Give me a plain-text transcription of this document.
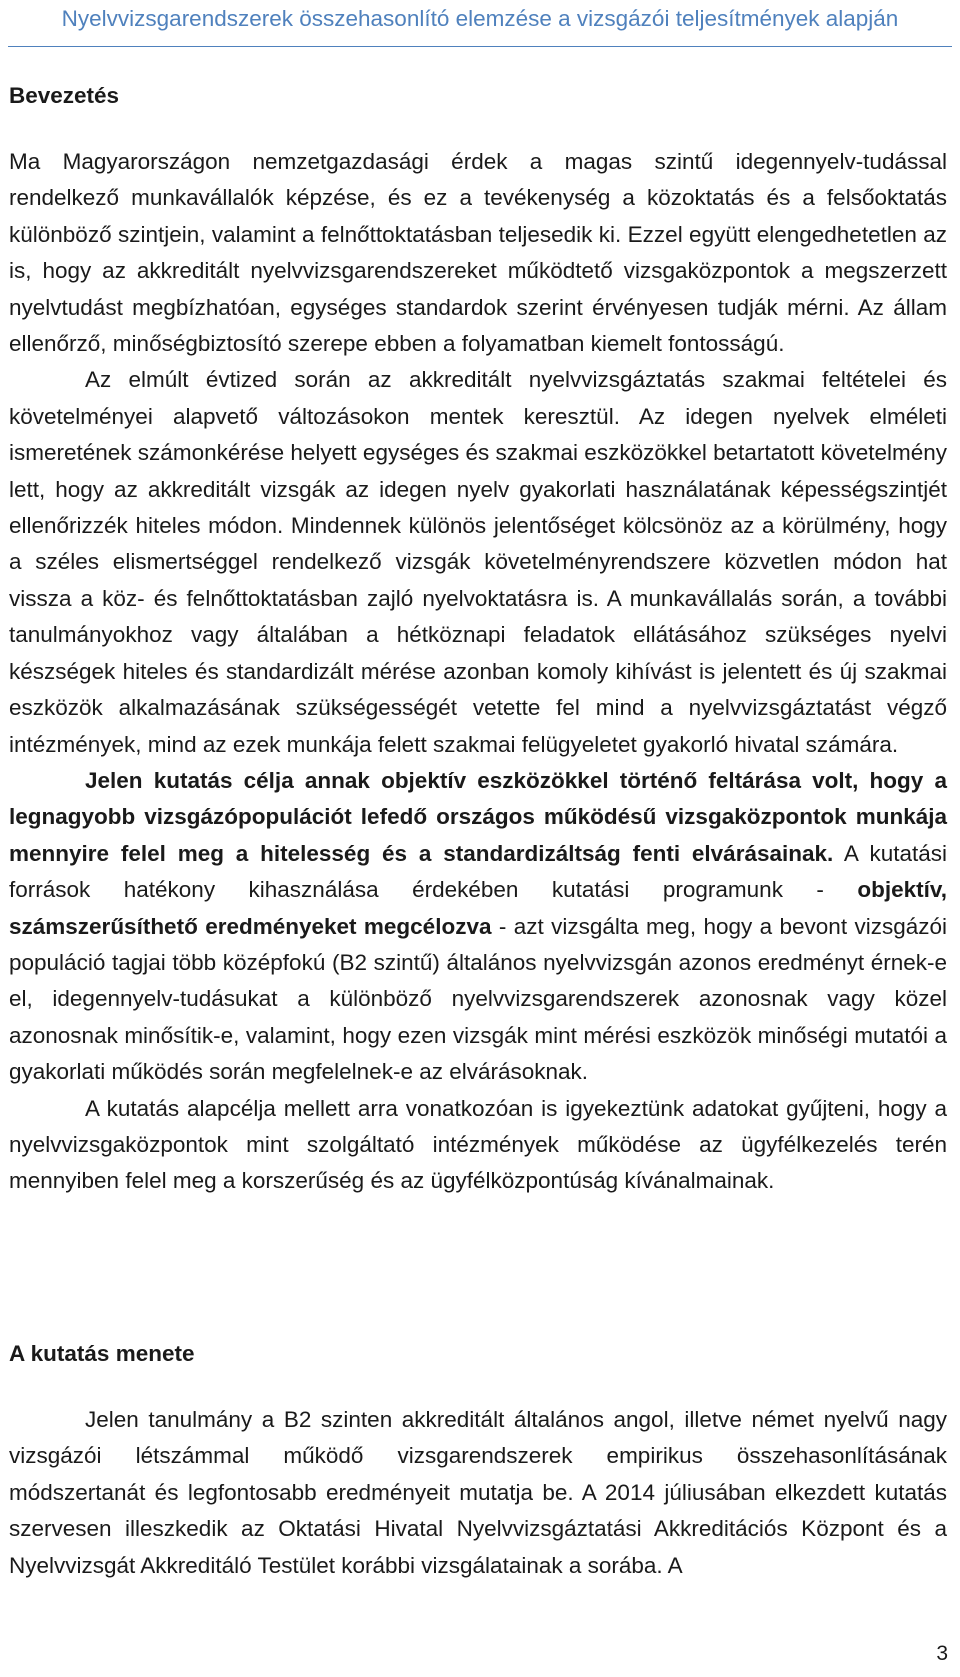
Nyelvvizsgarendszerek összehasonlító elemzése a vizsgázói teljesítmények alapján
Bevezetés

Ma Magyarországon nemzetgazdasági érdek a magas szintű idegennyelv-tudással rendelkező munkavállalók képzése, és ez a tevékenység a közoktatás és a felsőoktatás különböző szintjein, valamint a felnőttoktatásban teljesedik ki. Ezzel együtt elengedhetetlen az is, hogy az akkreditált nyelvvizsgarendszereket működtető vizsgaközpontok a megszerzett nyelvtudást megbízhatóan, egységes standardok szerint érvényesen tudják mérni. Az állam ellenőrző, minőségbiztosító szerepe ebben a folyamatban kiemelt fontosságú.

Az elmúlt évtized során az akkreditált nyelvvizsgáztatás szakmai feltételei és követelményei alapvető változásokon mentek keresztül. Az idegen nyelvek elméleti ismeretének számonkérése helyett egységes és szakmai eszközökkel betartatott követelmény lett, hogy az akkreditált vizsgák az idegen nyelv gyakorlati használatának képességszintjét ellenőrizzék hiteles módon. Mindennek különös jelentőséget kölcsönöz az a körülmény, hogy a széles elismertséggel rendelkező vizsgák követelményrendszere közvetlen módon hat vissza a köz- és felnőttoktatásban zajló nyelvoktatásra is. A munkavállalás során, a további tanulmányokhoz vagy általában a hétköznapi feladatok ellátásához szükséges nyelvi készségek hiteles és standardizált mérése azonban komoly kihívást is jelentett és új szakmai eszközök alkalmazásának szükségességét vetette fel mind a nyelvvizsgáztatást végző intézmények, mind az ezek munkája felett szakmai felügyeletet gyakorló hivatal számára.

Jelen kutatás célja annak objektív eszközökkel történő feltárása volt, hogy a legnagyobb vizsgázópopulációt lefedő országos működésű vizsgaközpontok munkája mennyire felel meg a hitelesség és a standardizáltság fenti elvárásainak. A kutatási források hatékony kihasználása érdekében kutatási programunk - objektív, számszerűsíthető eredményeket megcélozva - azt vizsgálta meg, hogy a bevont vizsgázói populáció tagjai több középfokú (B2 szintű) általános nyelvvizsgán azonos eredményt érnek-e el, idegennyelv-tudásukat a különböző nyelvvizsgarendszerek azonosnak vagy közel azonosnak minősítik-e, valamint, hogy ezen vizsgák mint mérési eszközök minőségi mutatói a gyakorlati működés során megfelelnek-e az elvárásoknak.

A kutatás alapcélja mellett arra vonatkozóan is igyekeztünk adatokat gyűjteni, hogy a nyelvvizsgaközpontok mint szolgáltató intézmények működése az ügyfélkezelés terén mennyiben felel meg a korszerűség és az ügyfélközpontúság kívánalmainak.

A kutatás menete

Jelen tanulmány a B2 szinten akkreditált általános angol, illetve német nyelvű nagy vizsgázói létszámmal működő vizsgarendszerek empirikus összehasonlításának módszertanát és legfontosabb eredményeit mutatja be. A 2014 júliusában elkezdett kutatás szervesen illeszkedik az Oktatási Hivatal Nyelvvizsgáztatási Akkreditációs Központ és a Nyelvvizsgát Akkreditáló Testület korábbi vizsgálatainak a sorába. A

3
